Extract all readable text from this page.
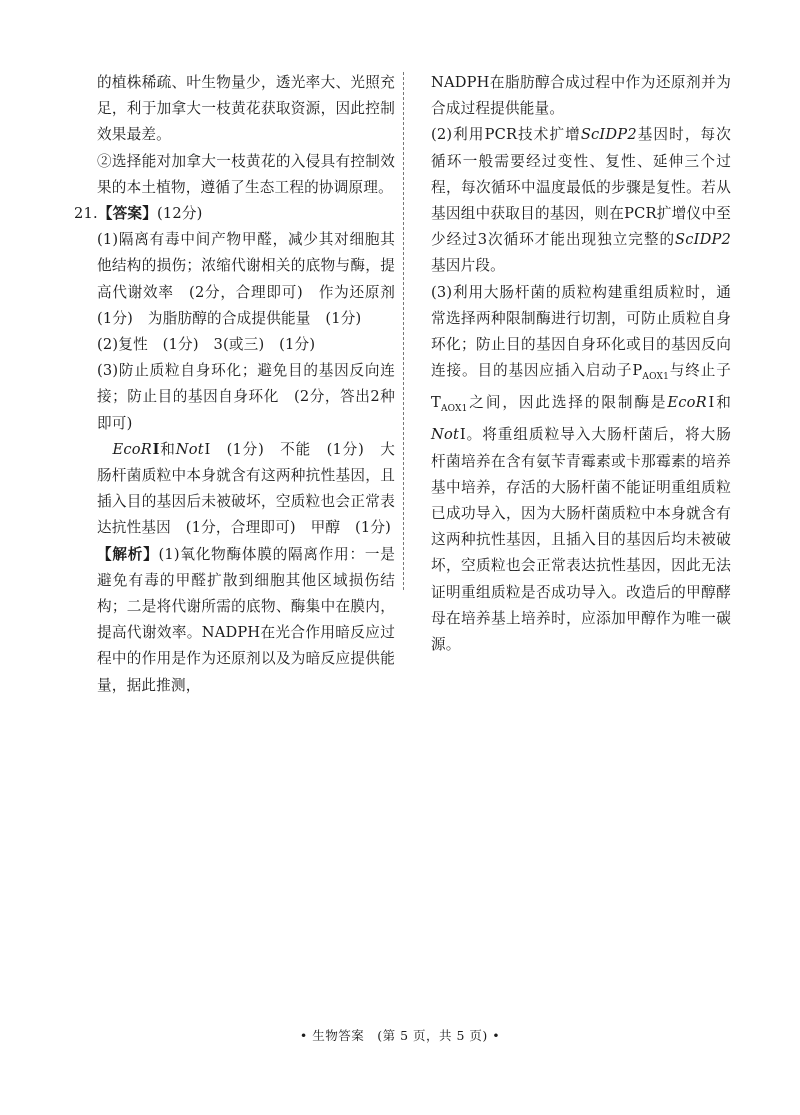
的植株稀疏、叶生物量少，透光率大、光照充足，利于加拿大一枝黄花获取资源，因此控制效果最差。

②选择能对加拿大一枝黄花的入侵具有控制效果的本土植物，遵循了生态工程的协调原理。

21.【答案】(12分)

(1)隔离有毒中间产物甲醛，减少其对细胞其他结构的损伤；浓缩代谢相关的底物与酶，提高代谢效率　(2分，合理即可)　作为还原剂　(1分)　为脂肪醇的合成提供能量　(1分)

(2)复性　(1分)　3(或三)　(1分)

(3)防止质粒自身环化；避免目的基因反向连接；防止目的基因自身环化　(2分，答出2种即可)

　EcoRⅠ和NotⅠ　(1分)　不能　(1分)　大肠杆菌质粒中本身就含有这两种抗性基因，且插入目的基因后未被破坏，空质粒也会正常表达抗性基因　(1分，合理即可)　甲醇　(1分)

【解析】(1)氧化物酶体膜的隔离作用：一是避免有毒的甲醛扩散到细胞其他区域损伤结构；二是将代谢所需的底物、酶集中在膜内，提高代谢效率。NADPH在光合作用暗反应过程中的作用是作为还原剂以及为暗反应提供能量，据此推测，

NADPH在脂肪醇合成过程中作为还原剂并为合成过程提供能量。

(2)利用PCR技术扩增ScIDP2基因时，每次循环一般需要经过变性、复性、延伸三个过程，每次循环中温度最低的步骤是复性。若从基因组中获取目的基因，则在PCR扩增仪中至少经过3次循环才能出现独立完整的ScIDP2基因片段。

(3)利用大肠杆菌的质粒构建重组质粒时，通常选择两种限制酶进行切割，可防止质粒自身环化；防止目的基因自身环化或目的基因反向连接。目的基因应插入启动子$P_{AOX1}$与终止子$T_{AOX1}$之间，因此选择的限制酶是EcoRⅠ和NotⅠ。将重组质粒导入大肠杆菌后，将大肠杆菌培养在含有氨苄青霉素或卡那霉素的培养基中培养，存活的大肠杆菌不能证明重组质粒已成功导入，因为大肠杆菌质粒中本身就含有这两种抗性基因，且插入目的基因后均未被破坏，空质粒也会正常表达抗性基因，因此无法证明重组质粒是否成功导入。改造后的甲醇酵母在培养基上培养时，应添加甲醇作为唯一碳源。

• 生物答案　(第 5 页，共 5 页) •
